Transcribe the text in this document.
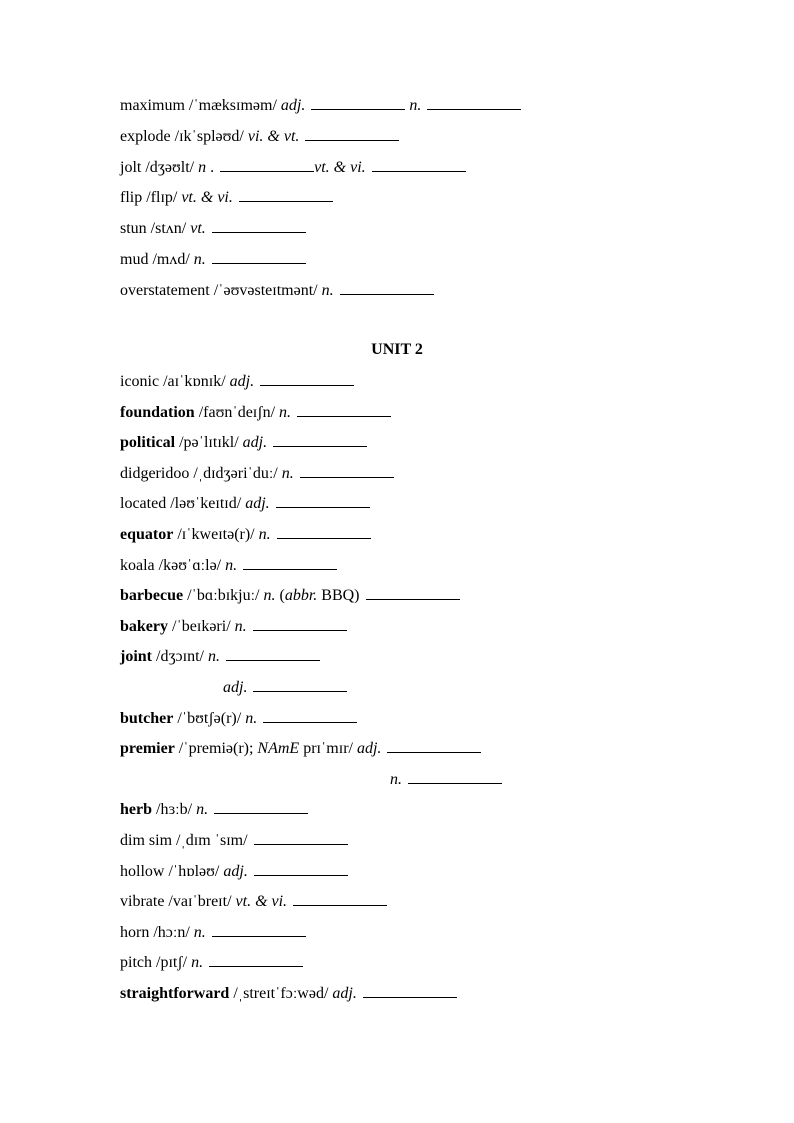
maximum /ˈmæksɪməm/ adj.	n.
explode /ɪkˈspləʊd/ vi. & vt.
jolt /dʒəʊlt/ n .	vt. & vi.
flip /flɪp/ vt. & vi.
stun /stʌn/ vt.
mud /mʌd/ n.
overstatement /ˈəʊvəsteɪtmənt/ n.
UNIT 2
iconic /aɪˈkɒnɪk/ adj.
foundation /faʊnˈdeɪʃn/ n.
political /pəˈlɪtɪkl/ adj.
didgeridoo /ˌdɪdʒəriˈduː/ n.
located /ləʊˈkeɪtɪd/ adj.
equator /ɪˈkweɪtə(r)/ n.
koala /kəʊˈɑːlə/ n.
barbecue /ˈbɑːbɪkjuː/ n. (abbr. BBQ)
bakery /ˈbeɪkəri/ n.
joint /dʒɔɪnt/ n.
adj.
butcher /ˈbʊtʃə(r)/ n.
premier /ˈpremiə(r); NAmE prɪˈmɪr/ adj.
n.
herb /hɜːb/ n.
dim sim /ˌdɪm ˈsɪm/
hollow /ˈhɒləʊ/ adj.
vibrate /vaɪˈbreɪt/ vt. & vi.
horn /hɔːn/ n.
pitch /pɪtʃ/ n.
straightforward /ˌstreɪtˈfɔːwəd/ adj.
